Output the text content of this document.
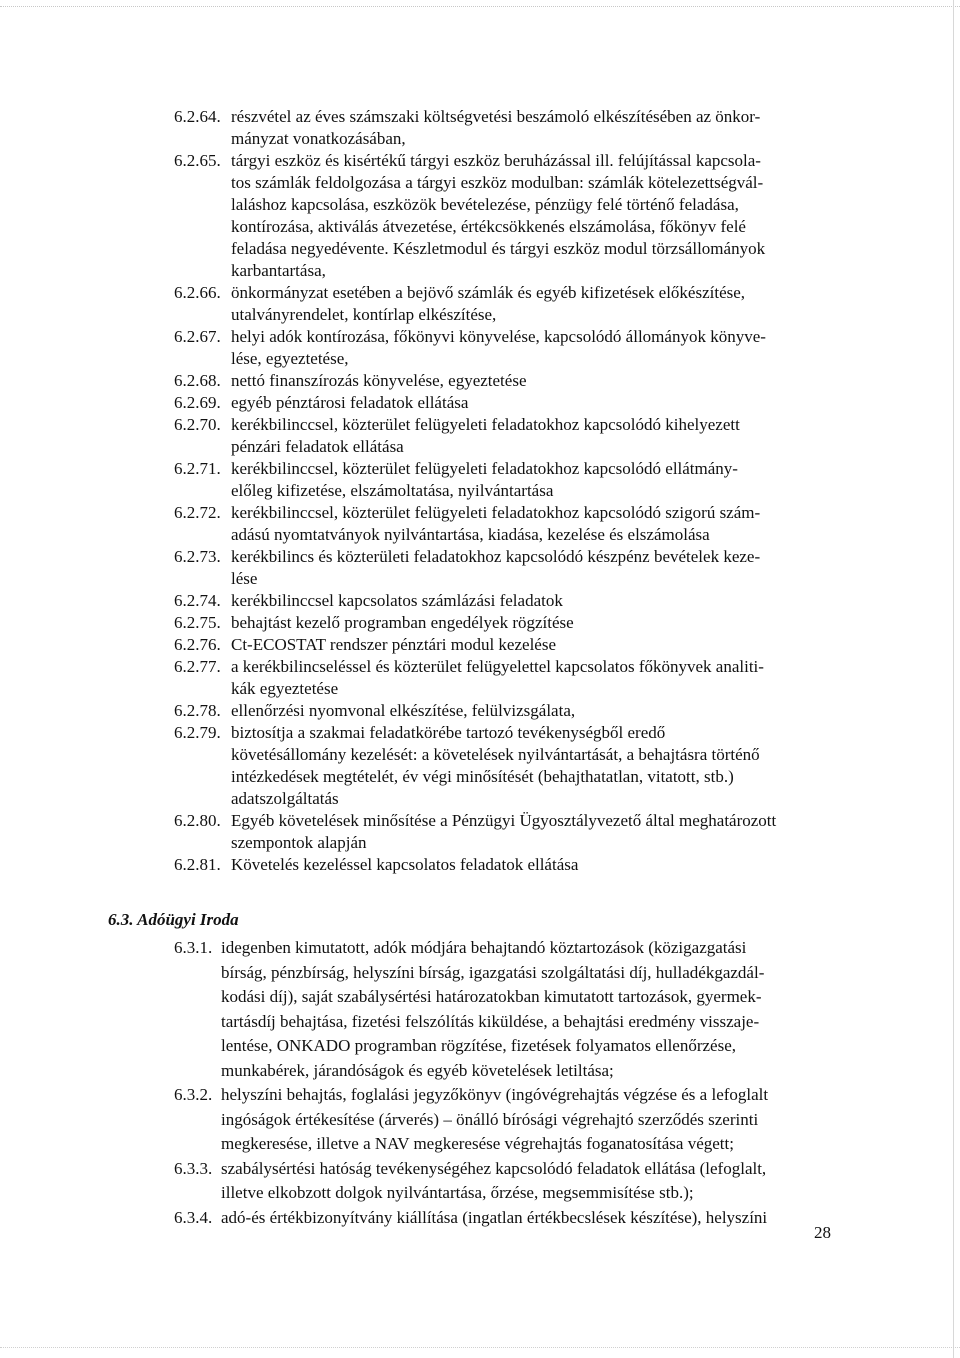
6.2.64. részvétel az éves számszaki költségvetési beszámoló elkészítésében az önkor-
mányzat vonatkozásában,
6.2.65. tárgyi eszköz és kisértékű tárgyi eszköz beruházással ill. felújítással kapcsola-
tos számlák feldolgozása a tárgyi eszköz modulban: számlák kötelezettségvál-
laláshoz kapcsolása, eszközök bevételezése, pénzügy felé történő feladása,
kontírozása, aktiválás átvezetése, értékcsökkenés elszámolása, főkönyv felé
feladása negyedévente. Készletmodul és tárgyi eszköz modul törzsállományok
karbantartása,
6.2.66. önkormányzat esetében a bejövő számlák és egyéb kifizetések előkészítése,
utalványrendelet, kontírlap elkészítése,
6.2.67. helyi adók kontírozása, főkönyvi könyvelése, kapcsolódó állományok könyve-
lése, egyeztetése,
6.2.68. nettó finanszírozás könyvelése, egyeztetése
6.2.69. egyéb pénztárosi feladatok ellátása
6.2.70. kerékbilinccsel, közterület felügyeleti feladatokhoz kapcsolódó kihelyezett
pénzári feladatok ellátása
6.2.71. kerékbilinccsel, közterület felügyeleti feladatokhoz kapcsolódó ellátmány-
előleg kifizetése, elszámoltatása, nyilvántartása
6.2.72. kerékbilinccsel, közterület felügyeleti feladatokhoz kapcsolódó szigorú szám-
adású nyomtatványok nyilvántartása, kiadása, kezelése és elszámolása
6.2.73. kerékbilincs és közterületi feladatokhoz kapcsolódó készpénz bevételek keze-
lése
6.2.74. kerékbilinccsel kapcsolatos számlázási feladatok
6.2.75. behajtást kezelő programban engedélyek rögzítése
6.2.76. Ct-ECOSTAT rendszer pénztári modul kezelése
6.2.77. a kerékbilincseléssel és közterület felügyelettel kapcsolatos főkönyvek analiti-
kák egyeztetése
6.2.78. ellenőrzési nyomvonal elkészítése, felülvizsgálata,
6.2.79. biztosítja a szakmai feladatkörébe tartozó tevékenységből eredő
követésállomány kezelését: a követelések nyilvántartását, a behajtásra történő
intézkedések megtételét, év végi minősítését (behajthatatlan, vitatott, stb.)
adatszolgáltatás
6.2.80. Egyéb követelések minősítése a Pénzügyi Ügyosztályvezető által meghatározott
szempontok alapján
6.2.81. Követelés kezeléssel kapcsolatos feladatok ellátása
6.3. Adóügyi Iroda
6.3.1. idegenben kimutatott, adók módjára behajtandó köztartozások (közigazgatási
bírság, pénzbírság, helyszíni bírság, igazgatási szolgáltatási díj, hulladékgazdál-
kodási díj), saját szabálysértési határozatokban kimutatott tartozások, gyermek-
tartásdíj behajtása, fizetési felszólítás kiküldése, a behajtási eredmény visszaje-
lentése, ONKADO programban rögzítése, fizetések folyamatos ellenőrzése,
munkabérek, járandóságok és egyéb követelések letiltása;
6.3.2. helyszíni behajtás, foglalási jegyzőkönyv (ingóvégrehajtás végzése és a lefoglalt
ingóságok értékesítése (árverés) – önálló bírósági végrehajtó szerződés szerinti
megkeresése, illetve a NAV megkeresése végrehajtás foganatosítása végett;
6.3.3. szabálysértési hatóság tevékenységéhez kapcsolódó feladatok ellátása (lefoglalt,
illetve elkobzott dolgok nyilvántartása, őrzése, megsemmisítése stb.);
6.3.4. adó-és értékbizonyítvány kiállítása (ingatlan értékbecslések készítése), helyszíni
28
